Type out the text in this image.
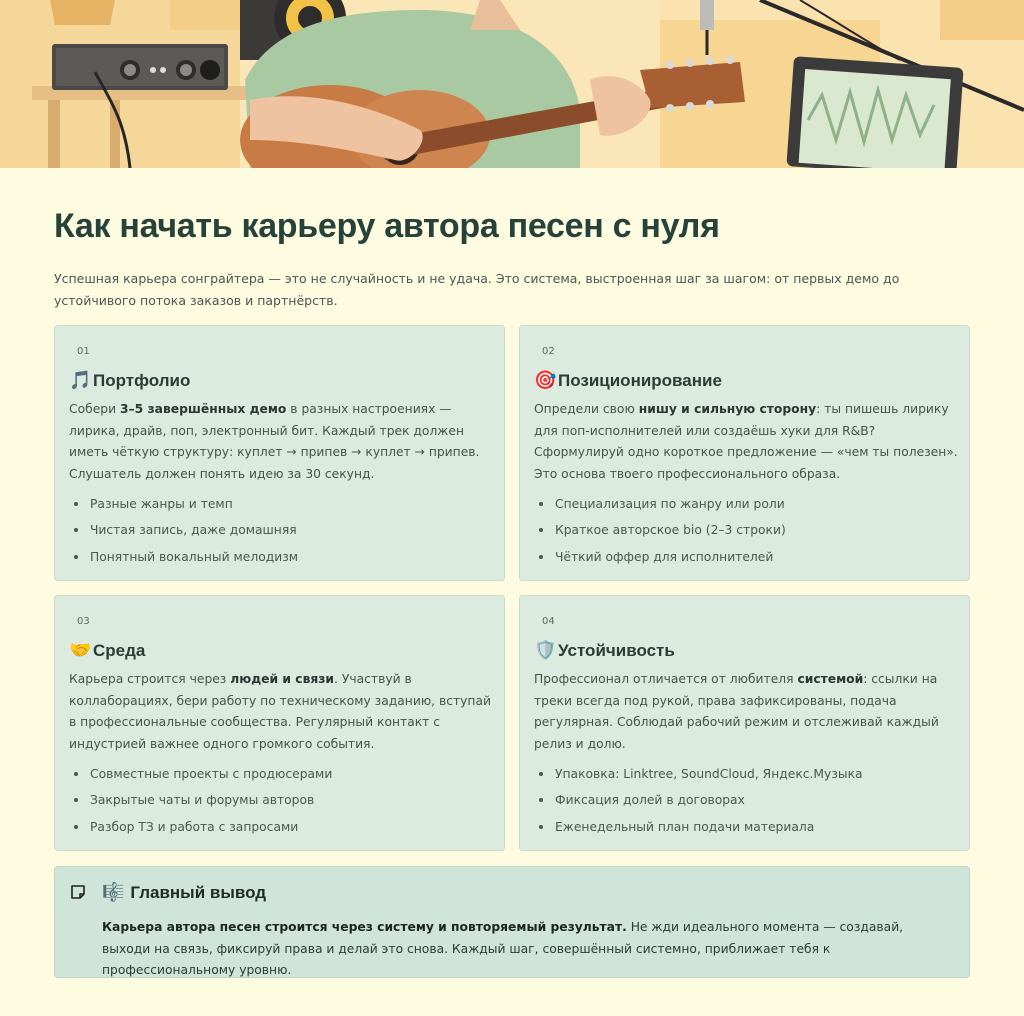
Как начать карьеру автора песен с нуля

Успешная карьера сонграйтера — это не случайность и не удача. Это система, выстроенная шаг за шагом: от первых демо до устойчивого потока заказов и партнёрств.

01
🎵 Портфолио

Собери 3–5 завершённых демо в разных настроениях — лирика, драйв, поп, электронный бит. Каждый трек должен иметь чёткую структуру: куплет → припев → куплет → припев. Слушатель должен понять идею за 30 секунд.

Разные жанры и темп
Чистая запись, даже домашняя
Понятный вокальный мелодизм
02
🎯 Позиционирование

Определи свою нишу и сильную сторону: ты пишешь лирику для поп-исполнителей или создаёшь хуки для R&B? Сформулируй одно короткое предложение — «чем ты полезен». Это основа твоего профессионального образа.

Специализация по жанру или роли
Краткое авторское bio (2–3 строки)
Чёткий оффер для исполнителей
03
🤝 Среда

Карьера строится через людей и связи. Участвуй в коллаборациях, бери работу по техническому заданию, вступай в профессиональные сообщества. Регулярный контакт с индустрией важнее одного громкого события.

Совместные проекты с продюсерами
Закрытые чаты и форумы авторов
Разбор ТЗ и работа с запросами
04
🛡️ Устойчивость

Профессионал отличается от любителя системой: ссылки на треки всегда под рукой, права зафиксированы, подача регулярная. Соблюдай рабочий режим и отслеживай каждый релиз и долю.

Упаковка: Linktree, SoundCloud, Яндекс.Музыка
Фиксация долей в договорах
Еженедельный план подачи материала
🎼 Главный вывод

Карьера автора песен строится через систему и повторяемый результат. Не жди идеального момента — создавай, выходи на связь, фиксируй права и делай это снова. Каждый шаг, совершённый системно, приближает тебя к профессиональному уровню.
